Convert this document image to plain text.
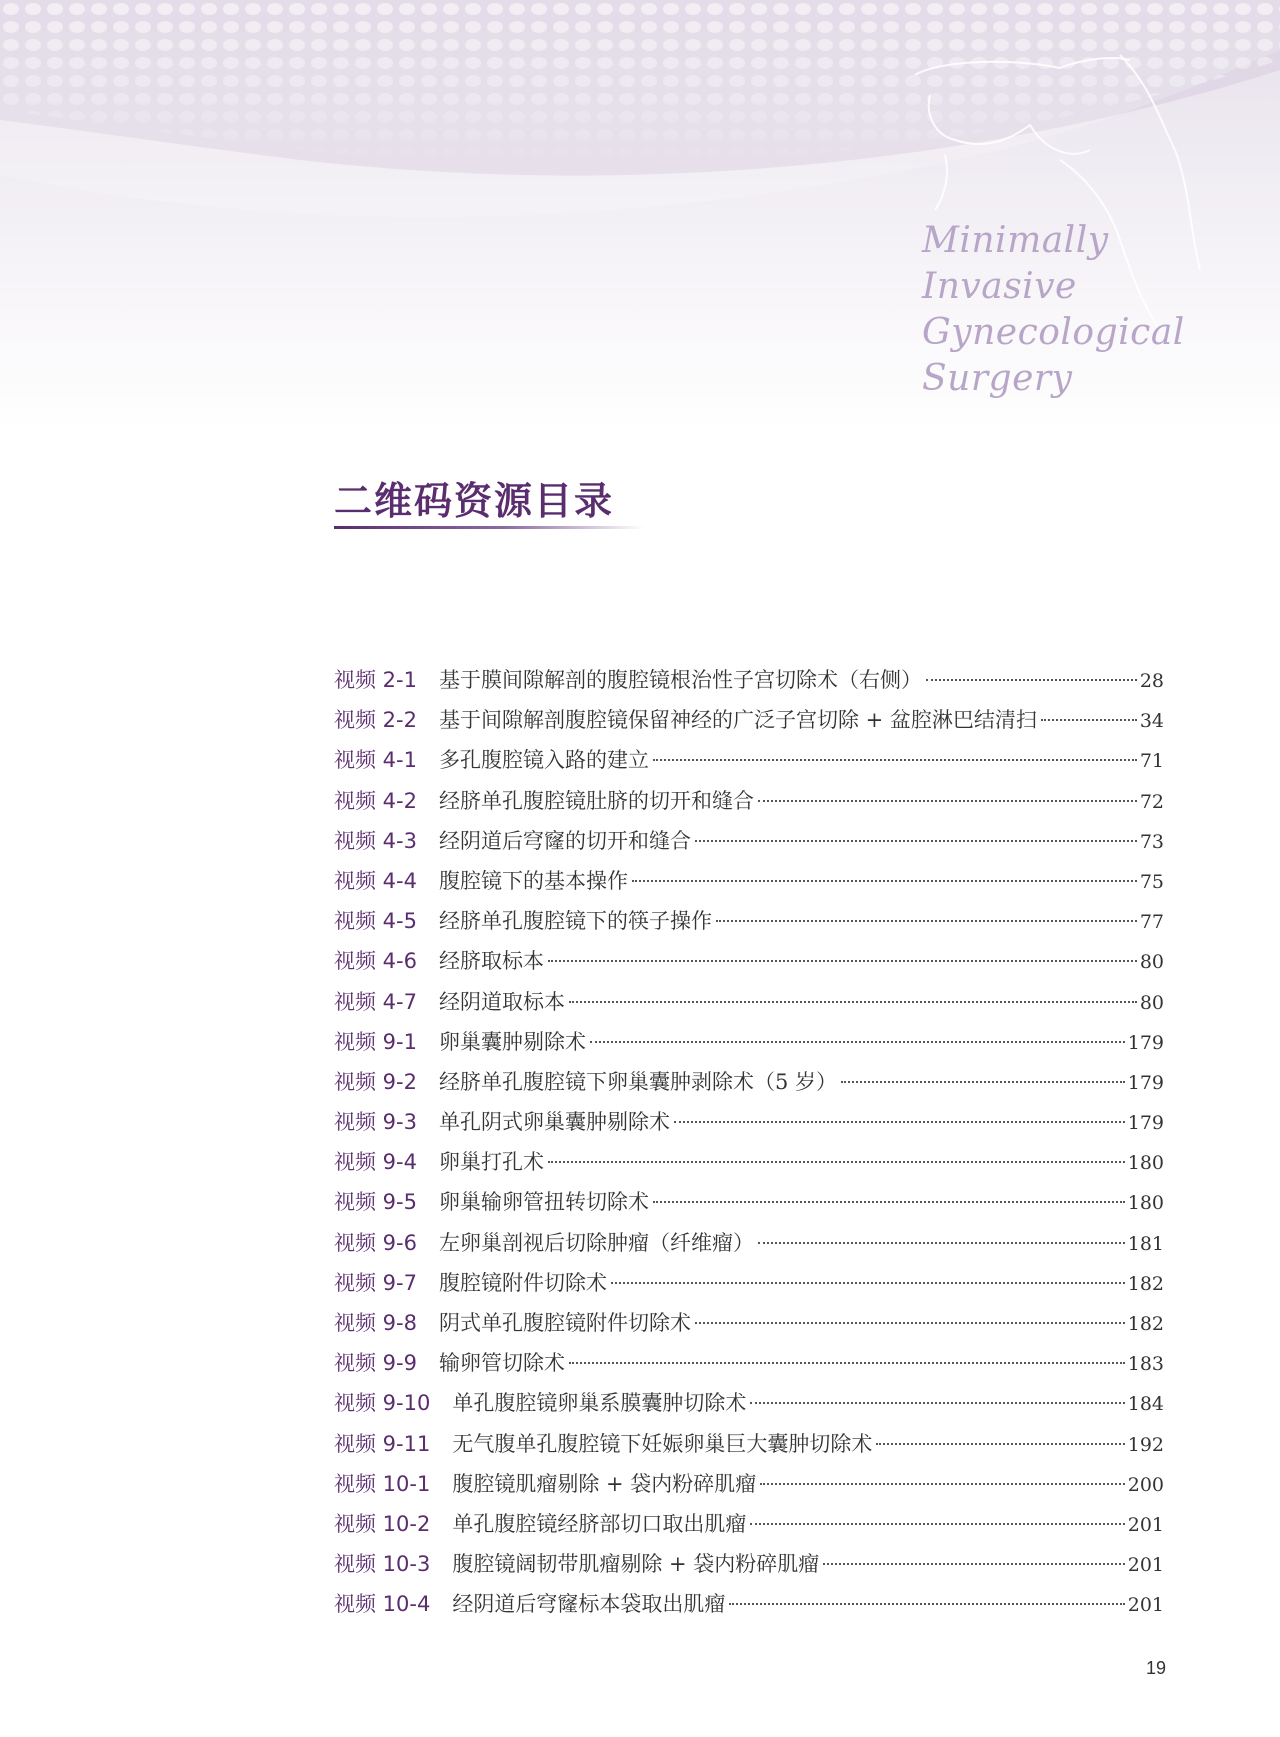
Minimally
Invasive
Gynecological
Surgery
二维码资源目录
视频 2-1 基于膜间隙解剖的腹腔镜根治性子宫切除术（右侧）	28
视频 2-2 基于间隙解剖腹腔镜保留神经的广泛子宫切除 + 盆腔淋巴结清扫	34
视频 4-1 多孔腹腔镜入路的建立	71
视频 4-2 经脐单孔腹腔镜肚脐的切开和缝合	72
视频 4-3 经阴道后穹窿的切开和缝合	73
视频 4-4 腹腔镜下的基本操作	75
视频 4-5 经脐单孔腹腔镜下的筷子操作	77
视频 4-6 经脐取标本	80
视频 4-7 经阴道取标本	80
视频 9-1 卵巢囊肿剔除术	179
视频 9-2 经脐单孔腹腔镜下卵巢囊肿剥除术（5 岁）	179
视频 9-3 单孔阴式卵巢囊肿剔除术	179
视频 9-4 卵巢打孔术	180
视频 9-5 卵巢输卵管扭转切除术	180
视频 9-6 左卵巢剖视后切除肿瘤（纤维瘤）	181
视频 9-7 腹腔镜附件切除术	182
视频 9-8 阴式单孔腹腔镜附件切除术	182
视频 9-9 输卵管切除术	183
视频 9-10 单孔腹腔镜卵巢系膜囊肿切除术	184
视频 9-11 无气腹单孔腹腔镜下妊娠卵巢巨大囊肿切除术	192
视频 10-1 腹腔镜肌瘤剔除 + 袋内粉碎肌瘤	200
视频 10-2 单孔腹腔镜经脐部切口取出肌瘤	201
视频 10-3 腹腔镜阔韧带肌瘤剔除 + 袋内粉碎肌瘤	201
视频 10-4 经阴道后穹窿标本袋取出肌瘤	201
19
